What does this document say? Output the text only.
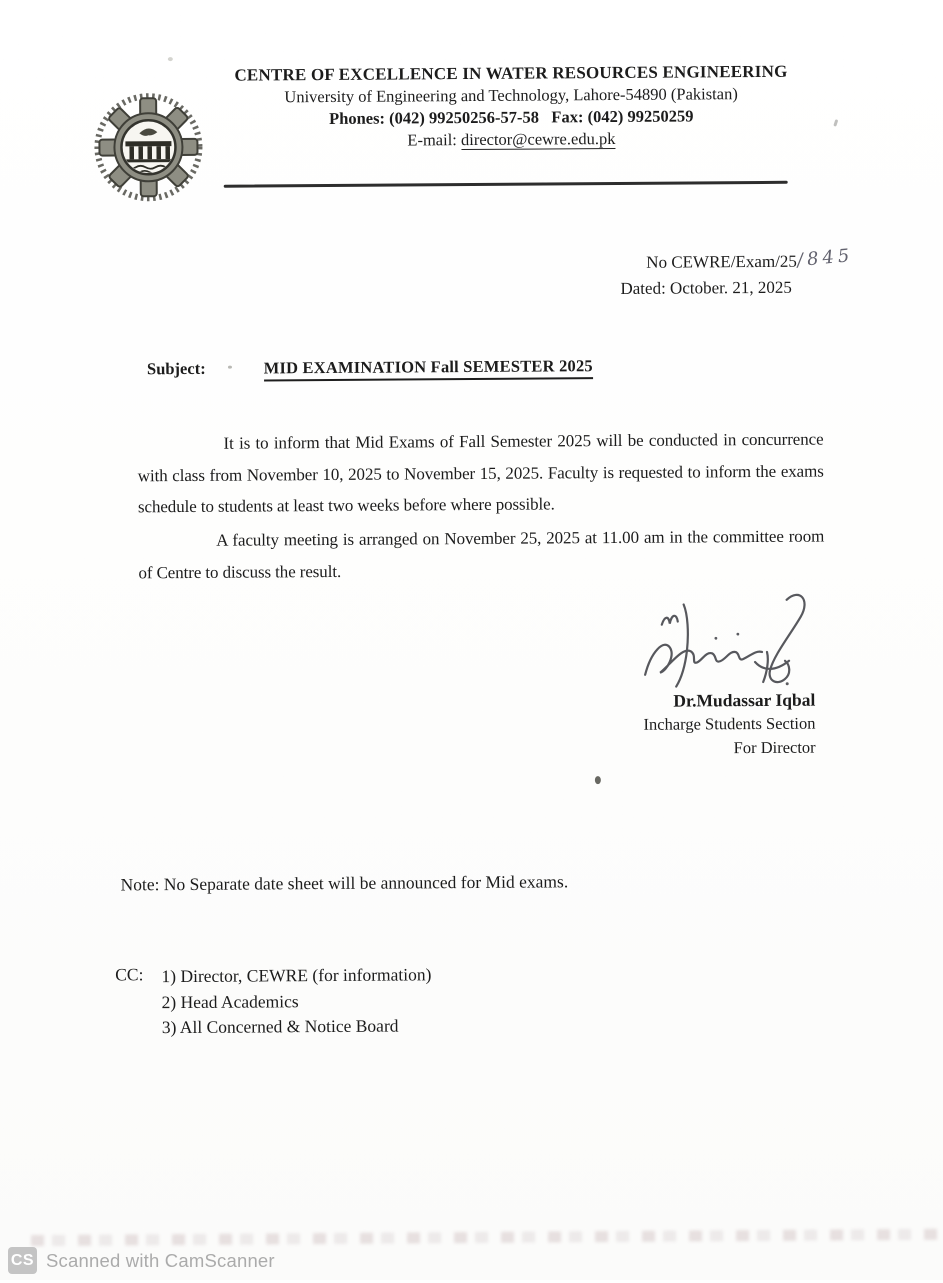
CENTRE OF EXCELLENCE IN WATER RESOURCES ENGINEERING
University of Engineering and Technology, Lahore-54890 (Pakistan)
Phones: (042) 99250256-57-58   Fax: (042) 99250259
E-mail: director@cewre.edu.pk
No CEWRE/Exam/25/845
Dated: October. 21, 2025
Subject:	MID EXAMINATION Fall SEMESTER 2025

It is to inform that Mid Exams of Fall Semester 2025 will be conducted in concurrence with class from November 10, 2025 to November 15, 2025. Faculty is requested to inform the exams schedule to students at least two weeks before where possible.

A faculty meeting is arranged on November 25, 2025 at 11.00 am in the committee room of Centre to discuss the result.

Dr.Mudassar Iqbal
Incharge Students Section
For Director
Note: No Separate date sheet will be announced for Mid exams.
CC: 1) Director, CEWRE (for information)
2) Head Academics
3) All Concerned & Notice Board
CS Scanned with CamScanner
